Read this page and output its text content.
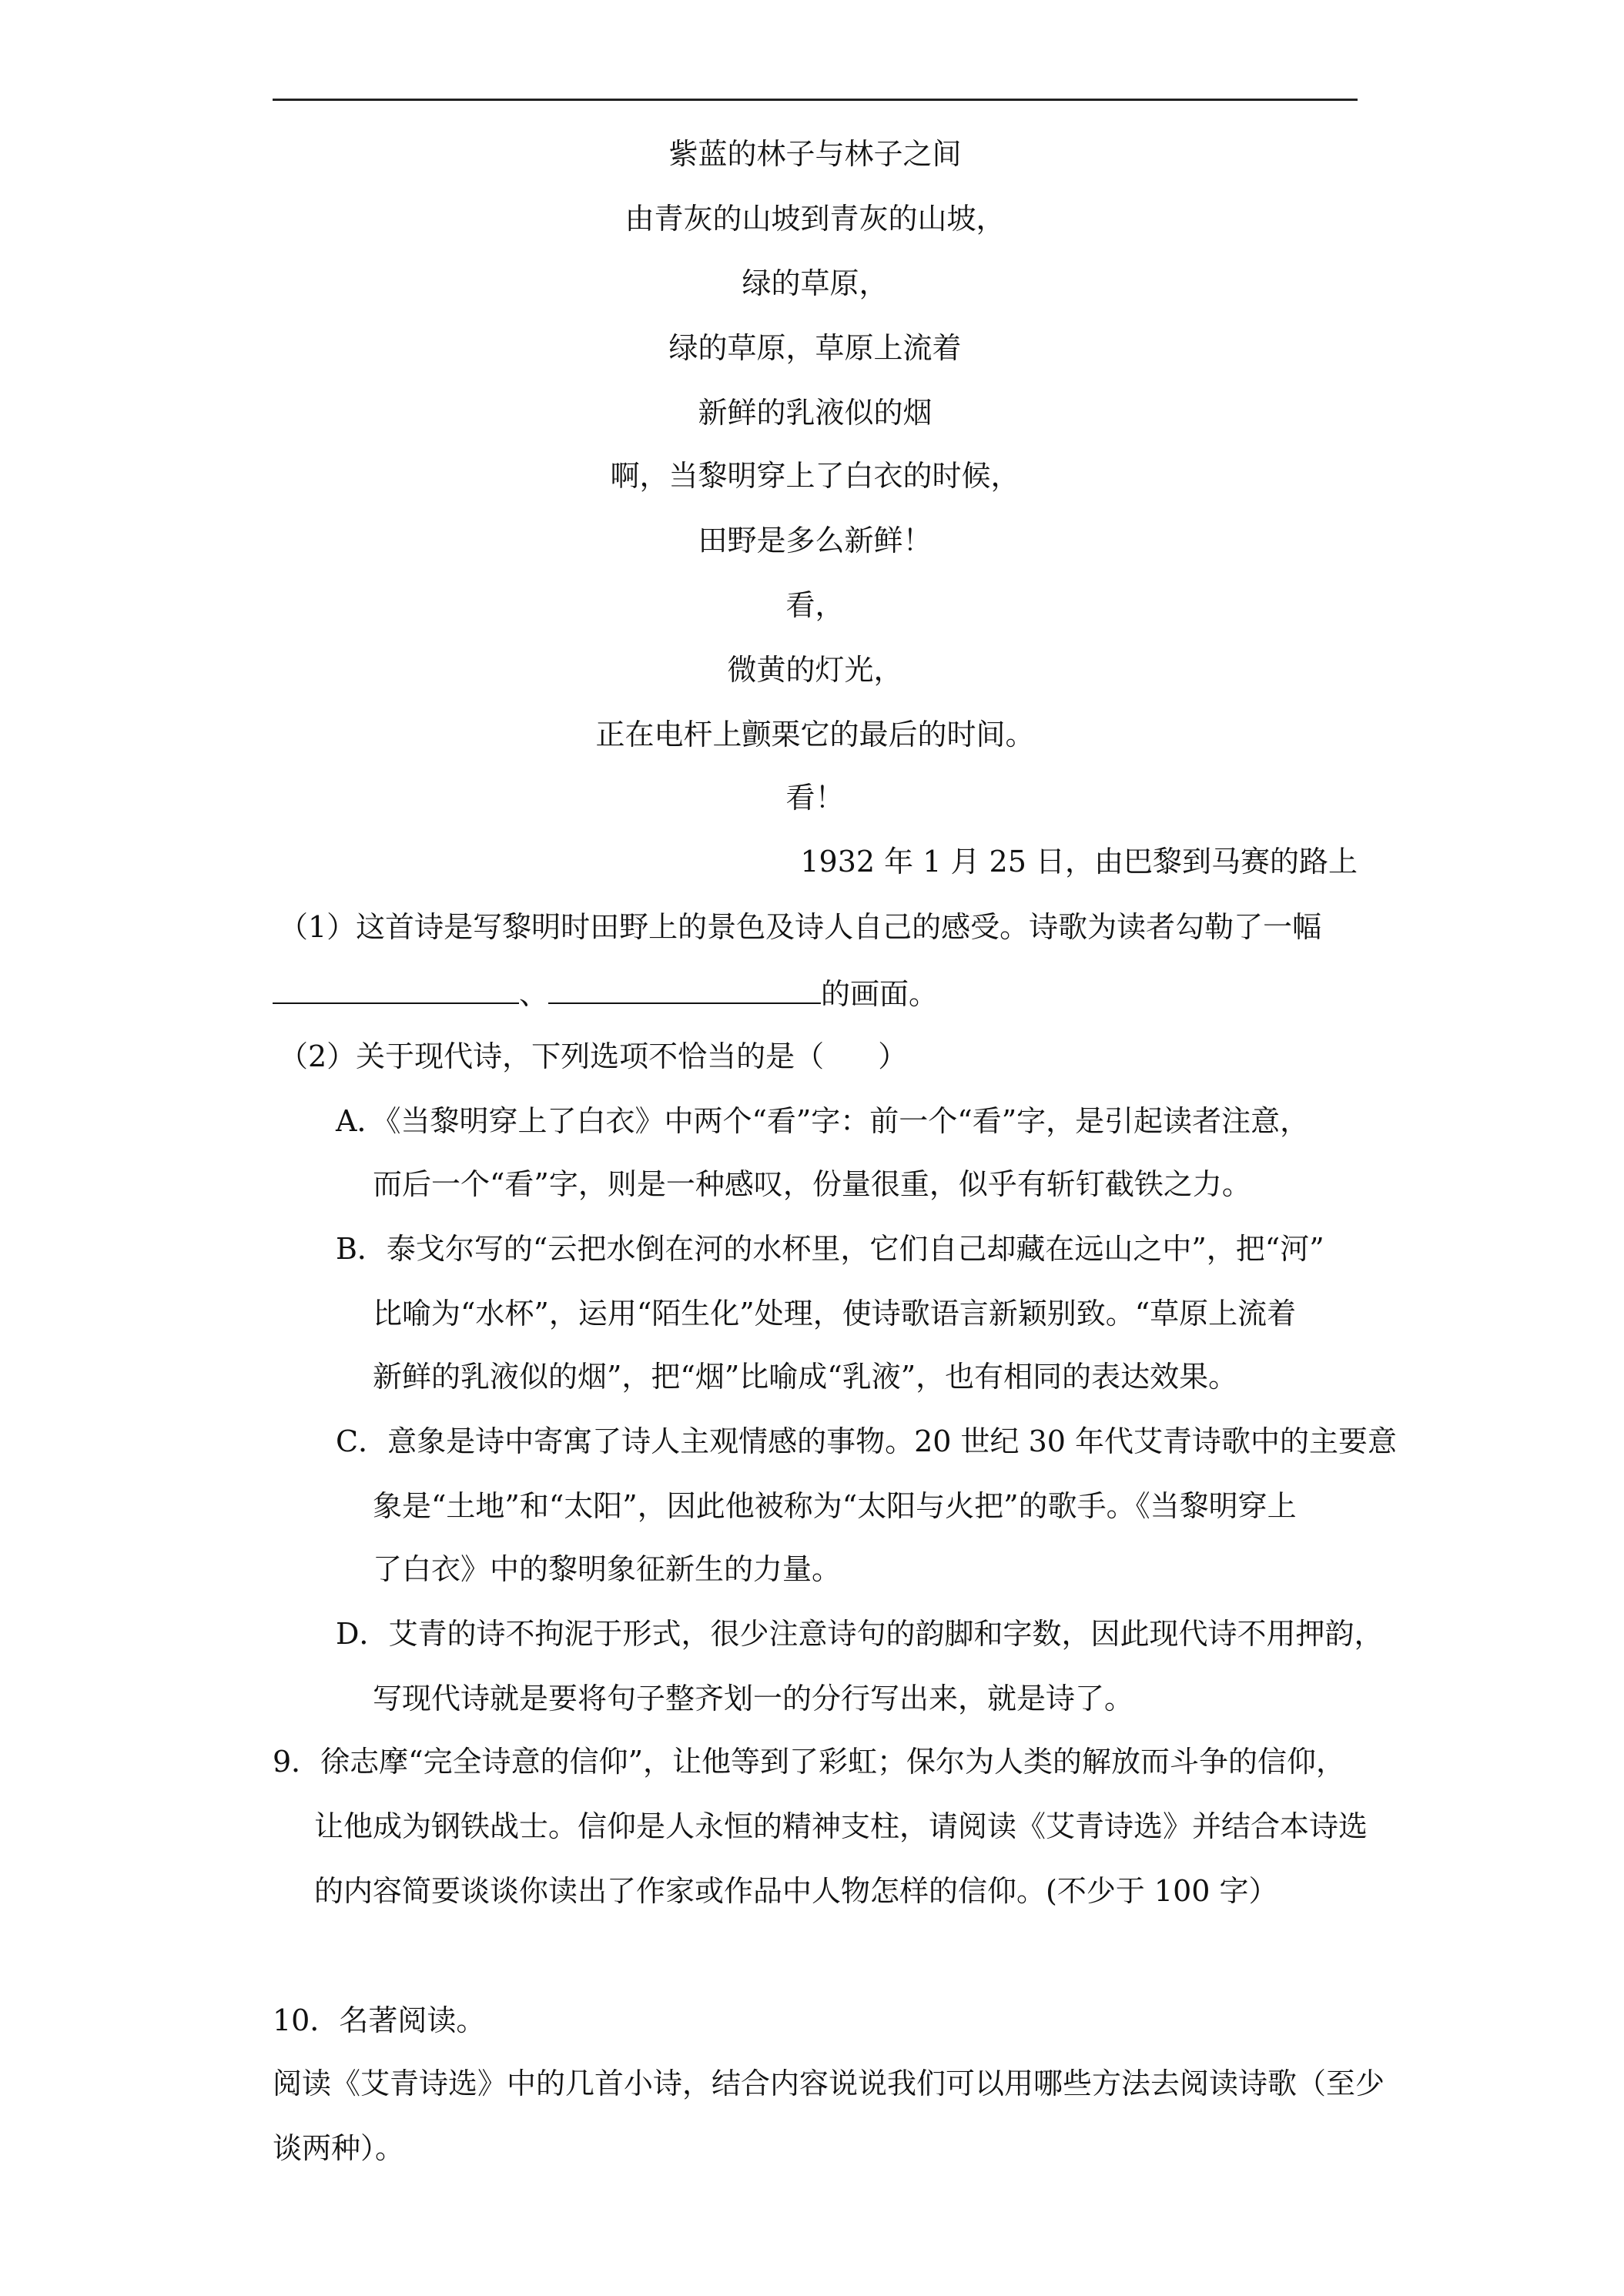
紫蓝的林子与林子之间
由青灰的山坡到青灰的山坡，
绿的草原，
绿的草原，草原上流着
新鲜的乳液似的烟
啊，当黎明穿上了白衣的时候，
田野是多么新鲜！
看，
微黄的灯光，
正在电杆上颤栗它的最后的时间。
看！
1932 年 1 月 25 日，由巴黎到马赛的路上
（1）这首诗是写黎明时田野上的景色及诗人自己的感受。诗歌为读者勾勒了一幅
、	的画面。
（2）关于现代诗，下列选项不恰当的是（ ）
A．《当黎明穿上了白衣》中两个“看”字：前一个“看”字，是引起读者注意，
而后一个“看”字，则是一种感叹，份量很重，似乎有斩钉截铁之力。
B．泰戈尔写的“云把水倒在河的水杯里，它们自己却藏在远山之中”，把“河”
比喻为“水杯”，运用“陌生化”处理，使诗歌语言新颖别致。“草原上流着
新鲜的乳液似的烟”，把“烟”比喻成“乳液”，也有相同的表达效果。
C．意象是诗中寄寓了诗人主观情感的事物。20 世纪 30 年代艾青诗歌中的主要意
象是“土地”和“太阳”，因此他被称为“太阳与火把”的歌手。《当黎明穿上
了白衣》中的黎明象征新生的力量。
D．艾青的诗不拘泥于形式，很少注意诗句的韵脚和字数，因此现代诗不用押韵，
写现代诗就是要将句子整齐划一的分行写出来，就是诗了。
9．徐志摩“完全诗意的信仰”，让他等到了彩虹；保尔为人类的解放而斗争的信仰，
让他成为钢铁战士。信仰是人永恒的精神支柱，请阅读《艾青诗选》并结合本诗选
的内容简要谈谈你读出了作家或作品中人物怎样的信仰。(不少于 100 字）
10．名著阅读。
阅读《艾青诗选》中的几首小诗，结合内容说说我们可以用哪些方法去阅读诗歌（至少
谈两种）。
